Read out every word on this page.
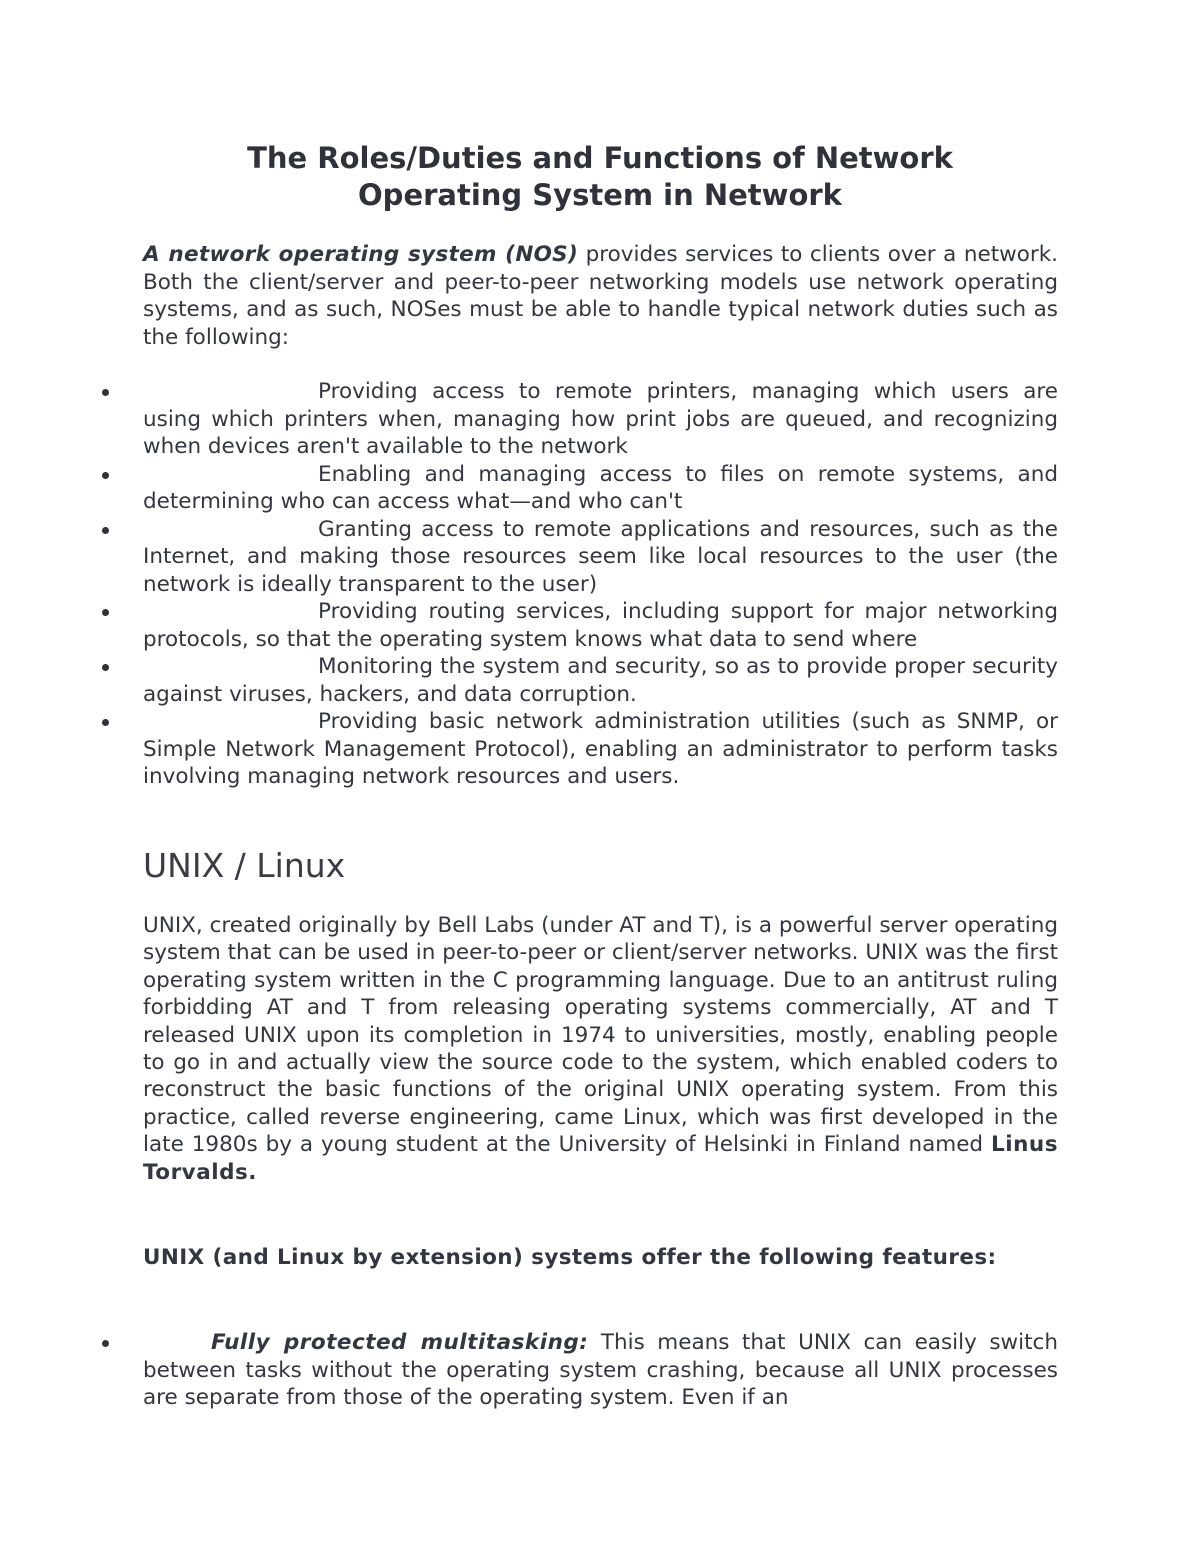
The Roles/Duties and Functions of Network
Operating System in Network

A network operating system (NOS) provides services to clients over a network. Both the client/server and peer-to-peer networking models use network operating systems, and as such, NOSes must be able to handle typical network duties such as the following:

Providing access to remote printers, managing which users are using which printers when, managing how print jobs are queued, and recognizing when devices aren't available to the network
Enabling and managing access to files on remote systems, and determining who can access what—and who can't
Granting access to remote applications and resources, such as the Internet, and making those resources seem like local resources to the user (the network is ideally transparent to the user)
Providing routing services, including support for major networking protocols, so that the operating system knows what data to send where
Monitoring the system and security, so as to provide proper security against viruses, hackers, and data corruption.
Providing basic network administration utilities (such as SNMP, or Simple Network Management Protocol), enabling an administrator to perform tasks involving managing network resources and users.
UNIX / Linux

UNIX, created originally by Bell Labs (under AT and T), is a powerful server operating system that can be used in peer-to-peer or client/server networks. UNIX was the first operating system written in the C programming language. Due to an antitrust ruling forbidding AT and T from releasing operating systems commercially, AT and T released UNIX upon its completion in 1974 to universities, mostly, enabling people to go in and actually view the source code to the system, which enabled coders to reconstruct the basic functions of the original UNIX operating system. From this practice, called reverse engineering, came Linux, which was first developed in the late 1980s by a young student at the University of Helsinki in Finland named Linus Torvalds.

UNIX (and Linux by extension) systems offer the following features:

Fully protected multitasking: This means that UNIX can easily switch between tasks without the operating system crashing, because all UNIX processes are separate from those of the operating system. Even if an
